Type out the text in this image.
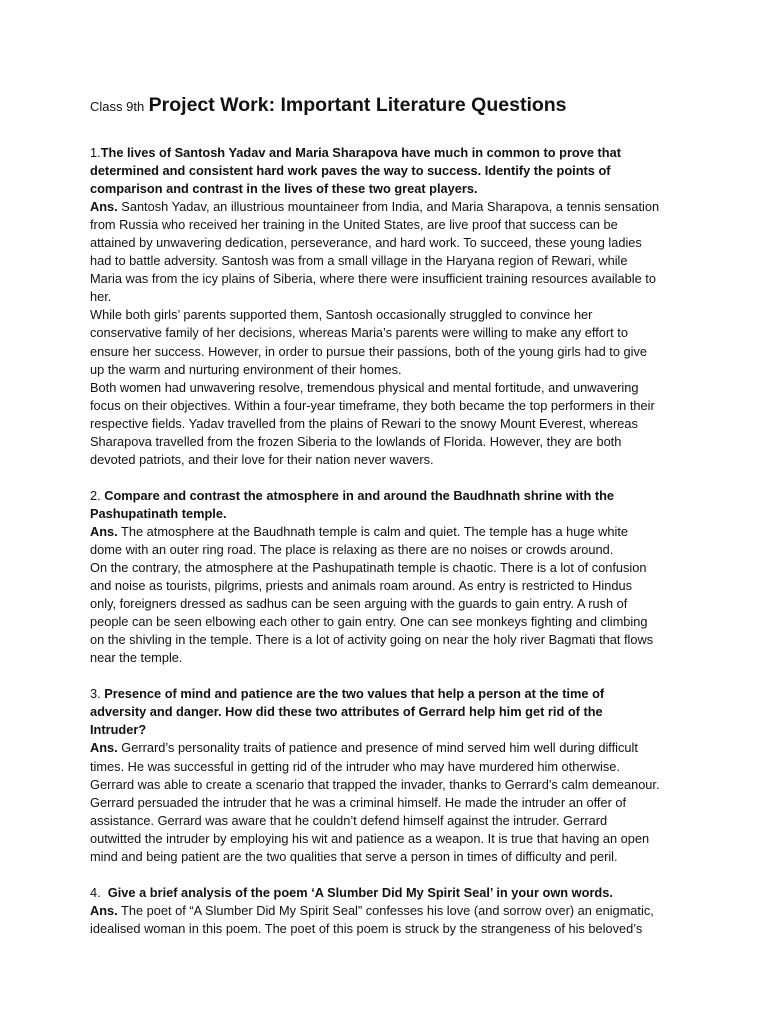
Class 9th Project Work: Important Literature Questions
1.The lives of Santosh Yadav and Maria Sharapova have much in common to prove that
determined and consistent hard work paves the way to success. Identify the points of
comparison and contrast in the lives of these two great players.
Ans. Santosh Yadav, an illustrious mountaineer from India, and Maria Sharapova, a tennis sensation
from Russia who received her training in the United States, are live proof that success can be
attained by unwavering dedication, perseverance, and hard work. To succeed, these young ladies
had to battle adversity. Santosh was from a small village in the Haryana region of Rewari, while
Maria was from the icy plains of Siberia, where there were insufficient training resources available to
her.
While both girls’ parents supported them, Santosh occasionally struggled to convince her
conservative family of her decisions, whereas Maria’s parents were willing to make any effort to
ensure her success. However, in order to pursue their passions, both of the young girls had to give
up the warm and nurturing environment of their homes.
Both women had unwavering resolve, tremendous physical and mental fortitude, and unwavering
focus on their objectives. Within a four-year timeframe, they both became the top performers in their
respective fields. Yadav travelled from the plains of Rewari to the snowy Mount Everest, whereas
Sharapova travelled from the frozen Siberia to the lowlands of Florida. However, they are both
devoted patriots, and their love for their nation never wavers.
2. Compare and contrast the atmosphere in and around the Baudhnath shrine with the
Pashupatinath temple.
Ans. The atmosphere at the Baudhnath temple is calm and quiet. The temple has a huge white
dome with an outer ring road. The place is relaxing as there are no noises or crowds around.
On the contrary, the atmosphere at the Pashupatinath temple is chaotic. There is a lot of confusion
and noise as tourists, pilgrims, priests and animals roam around. As entry is restricted to Hindus
only, foreigners dressed as sadhus can be seen arguing with the guards to gain entry. A rush of
people can be seen elbowing each other to gain entry. One can see monkeys fighting and climbing
on the shivling in the temple. There is a lot of activity going on near the holy river Bagmati that flows
near the temple.
3. Presence of mind and patience are the two values that help a person at the time of
adversity and danger. How did these two attributes of Gerrard help him get rid of the
Intruder?
Ans. Gerrard’s personality traits of patience and presence of mind served him well during difficult
times. He was successful in getting rid of the intruder who may have murdered him otherwise.
Gerrard was able to create a scenario that trapped the invader, thanks to Gerrard’s calm demeanour.
Gerrard persuaded the intruder that he was a criminal himself. He made the intruder an offer of
assistance. Gerrard was aware that he couldn’t defend himself against the intruder. Gerrard
outwitted the intruder by employing his wit and patience as a weapon. It is true that having an open
mind and being patient are the two qualities that serve a person in times of difficulty and peril.
4.  Give a brief analysis of the poem ‘A Slumber Did My Spirit Seal’ in your own words.
Ans. The poet of “A Slumber Did My Spirit Seal” confesses his love (and sorrow over) an enigmatic,
idealised woman in this poem. The poet of this poem is struck by the strangeness of his beloved’s
